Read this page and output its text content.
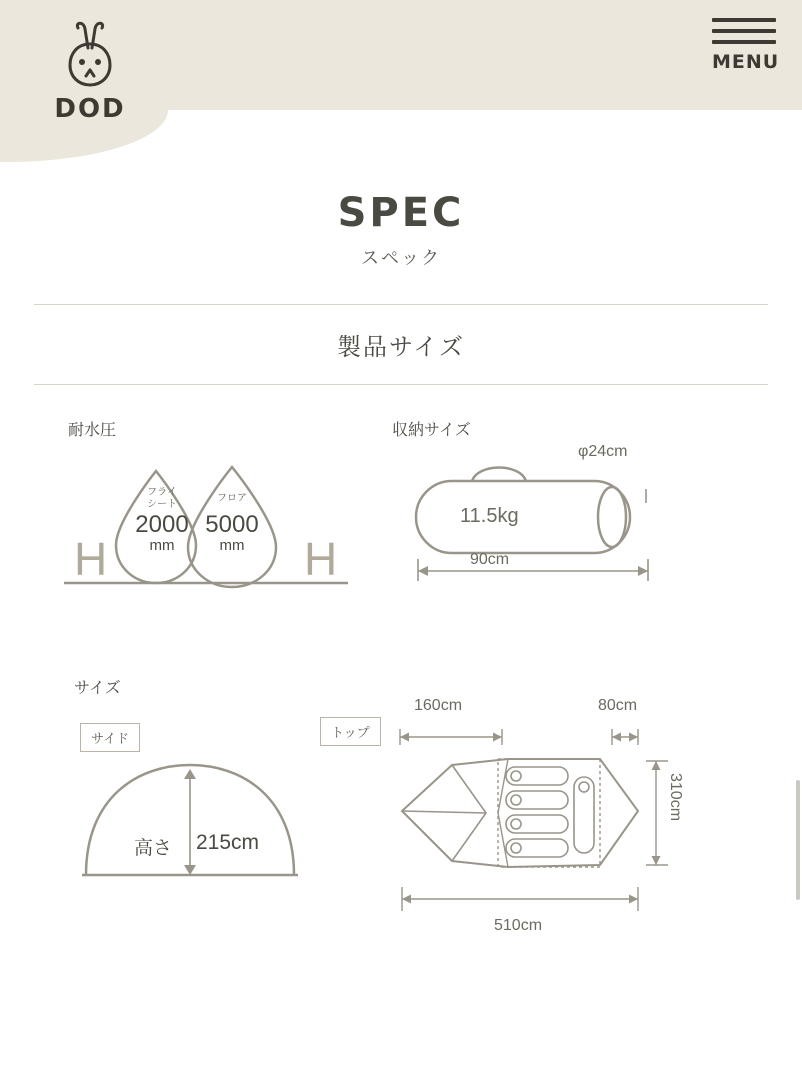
DOD
MENU
SPEC
スペック
製品サイズ
耐水圧
H	H
フライ
シート
2000
mm
フロア
5000
mm
収納サイズ
φ24cm
11.5kg
90cm
サイズ
サイド
高さ 215cm
トップ
160cm	80cm
310cm
510cm
